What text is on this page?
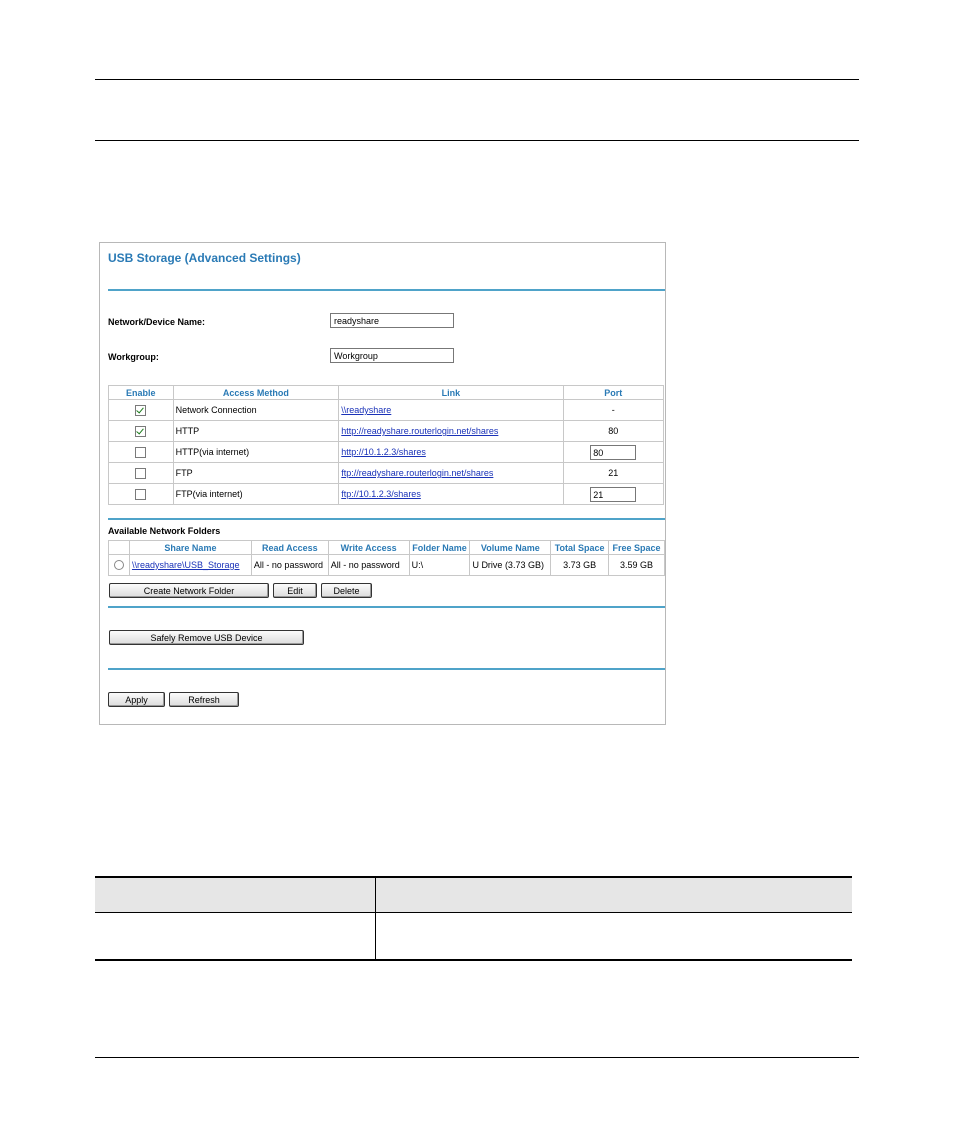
USB Storage (Advanced Settings)
Network/Device Name:	readyshare
Workgroup:	Workgroup
Enable	Access Method	Link	Port
	Network Connection	\\readyshare	-
	HTTP	http://readyshare.routerlogin.net/shares	80
	HTTP(via internet)	http://10.1.2.3/shares	80
	FTP	ftp://readyshare.routerlogin.net/shares	21
	FTP(via internet)	ftp://10.1.2.3/shares	21
Available Network Folders
	Share Name	Read Access	Write Access	Folder Name	Volume Name	Total Space	Free Space
	\\readyshare\USB_Storage	All - no password	All - no password	U:\	U Drive (3.73 GB)	3.73 GB	3.59 GB
Create Network Folder	Edit	Delete
Safely Remove USB Device
Apply	Refresh
